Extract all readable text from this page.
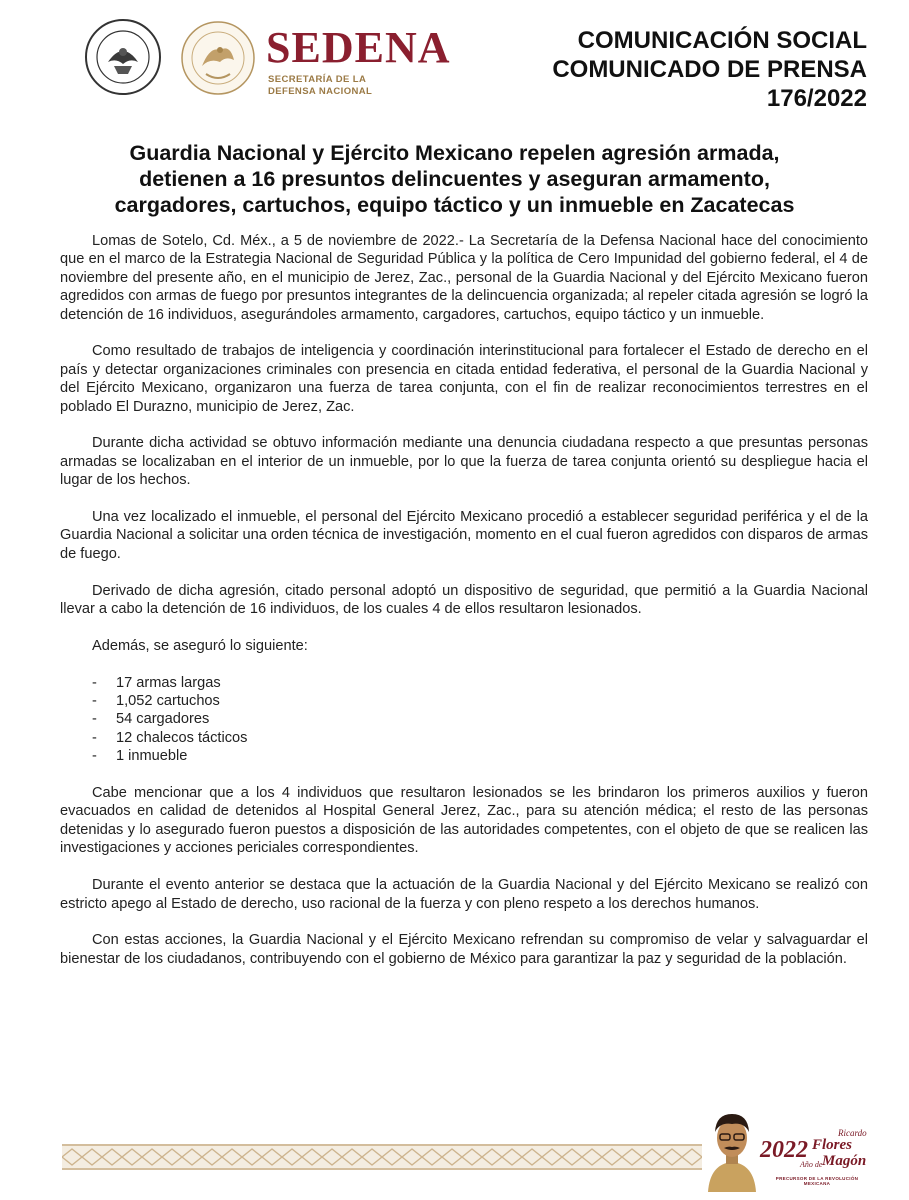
SEDENA
SECRETARÍA DE LA
DEFENSA NACIONAL
COMUNICACIÓN SOCIAL
COMUNICADO DE PRENSA
176/2022
Guardia Nacional y Ejército Mexicano repelen agresión armada,
detienen a 16 presuntos delincuentes y aseguran armamento,
cargadores, cartuchos, equipo táctico y un inmueble en Zacatecas

Lomas de Sotelo, Cd. Méx., a 5 de noviembre de 2022.- La Secretaría de la Defensa Nacional hace del conocimiento que en el marco de la Estrategia Nacional de Seguridad Pública y la política de Cero Impunidad del gobierno federal, el 4 de noviembre del presente año, en el municipio de Jerez, Zac., personal de la Guardia Nacional y del Ejército Mexicano fueron agredidos con armas de fuego por presuntos integrantes de la delincuencia organizada; al repeler citada agresión se logró la detención de 16 individuos, asegurándoles armamento, cargadores, cartuchos, equipo táctico y un inmueble.

Como resultado de trabajos de inteligencia y coordinación interinstitucional para fortalecer el Estado de derecho en el país y detectar organizaciones criminales con presencia en citada entidad federativa, el personal de la Guardia Nacional y del Ejército Mexicano, organizaron una fuerza de tarea conjunta, con el fin de realizar reconocimientos terrestres en el poblado El Durazno, municipio de Jerez, Zac.

Durante dicha actividad se obtuvo información mediante una denuncia ciudadana respecto a que presuntas personas armadas se localizaban en el interior de un inmueble, por lo que la fuerza de tarea conjunta orientó su despliegue hacia el lugar de los hechos.

Una vez localizado el inmueble, el personal del Ejército Mexicano procedió a establecer seguridad periférica y el de la Guardia Nacional a solicitar una orden técnica de investigación, momento en el cual fueron agredidos con disparos de armas de fuego.

Derivado de dicha agresión, citado personal adoptó un dispositivo de seguridad, que permitió a la Guardia Nacional llevar a cabo la detención de 16 individuos, de los cuales 4 de ellos resultaron lesionados.

Además, se aseguró lo siguiente:

- 17 armas largas
- 1,052 cartuchos
- 54 cargadores
- 12 chalecos tácticos
- 1 inmueble

Cabe mencionar que a los 4 individuos que resultaron lesionados se les brindaron los primeros auxilios y fueron evacuados en calidad de detenidos al Hospital General Jerez, Zac., para su atención médica; el resto de las personas detenidas y lo asegurado fueron puestos a disposición de las autoridades competentes, con el objeto de que se realicen las investigaciones y acciones periciales correspondientes.

Durante el evento anterior se destaca que la actuación de la Guardia Nacional y del Ejército Mexicano se realizó con estricto apego al Estado de derecho, uso racional de la fuerza y con pleno respeto a los derechos humanos.

Con estas acciones, la Guardia Nacional y el Ejército Mexicano refrendan su compromiso de velar y salvaguardar el bienestar de los ciudadanos, contribuyendo con el gobierno de México para garantizar la paz y seguridad de la población.

Ricardo
Flores
2022
Año de Magón
PRECURSOR DE LA REVOLUCIÓN MEXICANA
